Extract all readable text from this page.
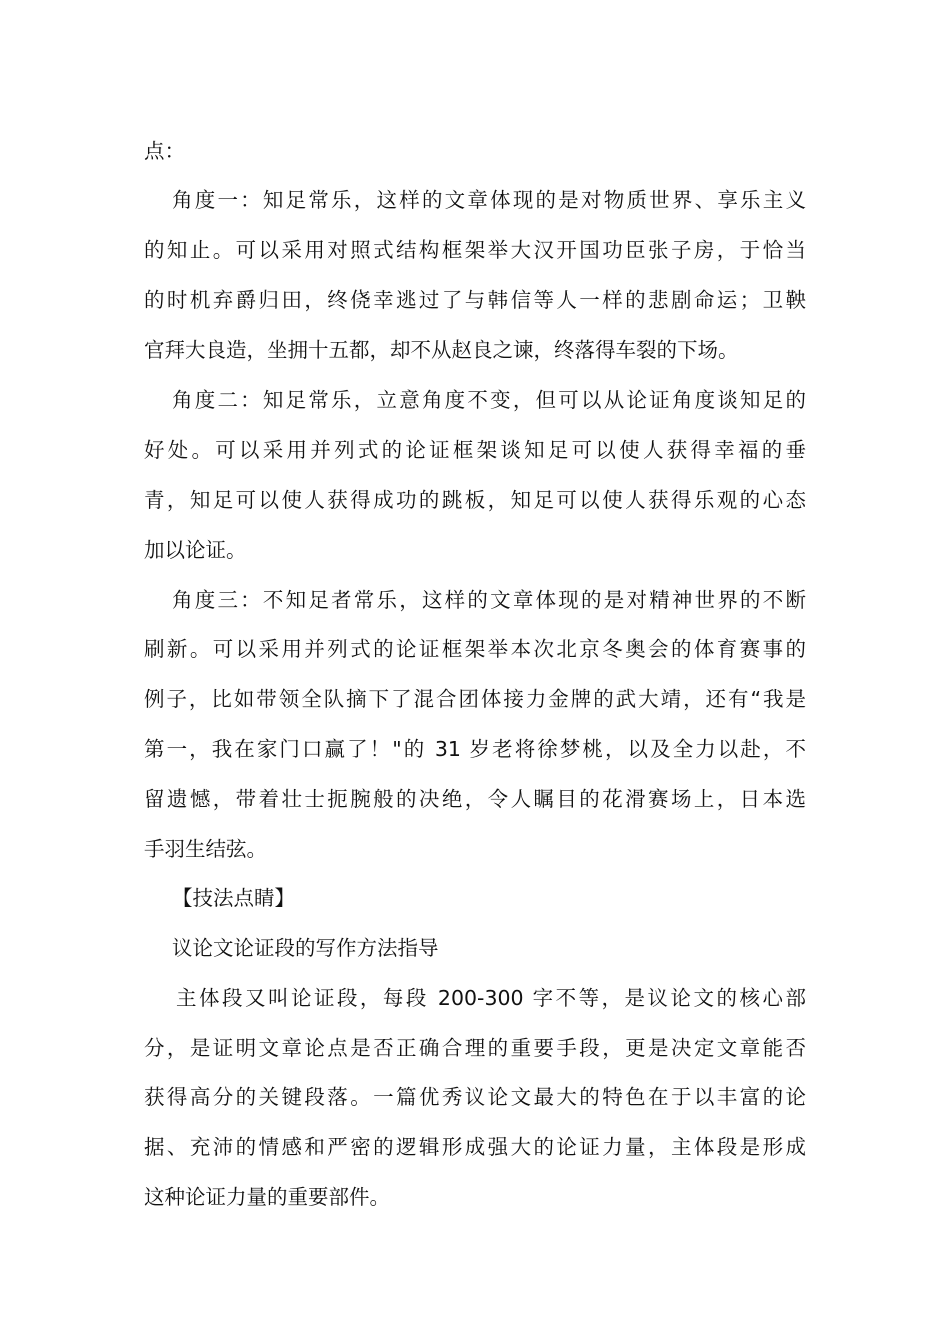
点：
角度一：知足常乐，这样的文章体现的是对物质世界、享乐主义
的知止。可以采用对照式结构框架举大汉开国功臣张子房，于恰当
的时机弃爵归田，终侥幸逃过了与韩信等人一样的悲剧命运；卫鞅
官拜大良造，坐拥十五都，却不从赵良之谏，终落得车裂的下场。
角度二：知足常乐，立意角度不变，但可以从论证角度谈知足的
好处。可以采用并列式的论证框架谈知足可以使人获得幸福的垂
青，知足可以使人获得成功的跳板，知足可以使人获得乐观的心态
加以论证。
角度三：不知足者常乐，这样的文章体现的是对精神世界的不断
刷新。可以采用并列式的论证框架举本次北京冬奥会的体育赛事的
例子，比如带领全队摘下了混合团体接力金牌的武大靖，还有“我是
第一，我在家门口赢了！"的 31 岁老将徐梦桃，以及全力以赴，不
留遗憾，带着壮士扼腕般的决绝，令人瞩目的花滑赛场上，日本选
手羽生结弦。
【技法点睛】
议论文论证段的写作方法指导
主体段又叫论证段，每段 200-300 字不等，是议论文的核心部
分，是证明文章论点是否正确合理的重要手段，更是决定文章能否
获得高分的关键段落。一篇优秀议论文最大的特色在于以丰富的论
据、充沛的情感和严密的逻辑形成强大的论证力量，主体段是形成
这种论证力量的重要部件。
